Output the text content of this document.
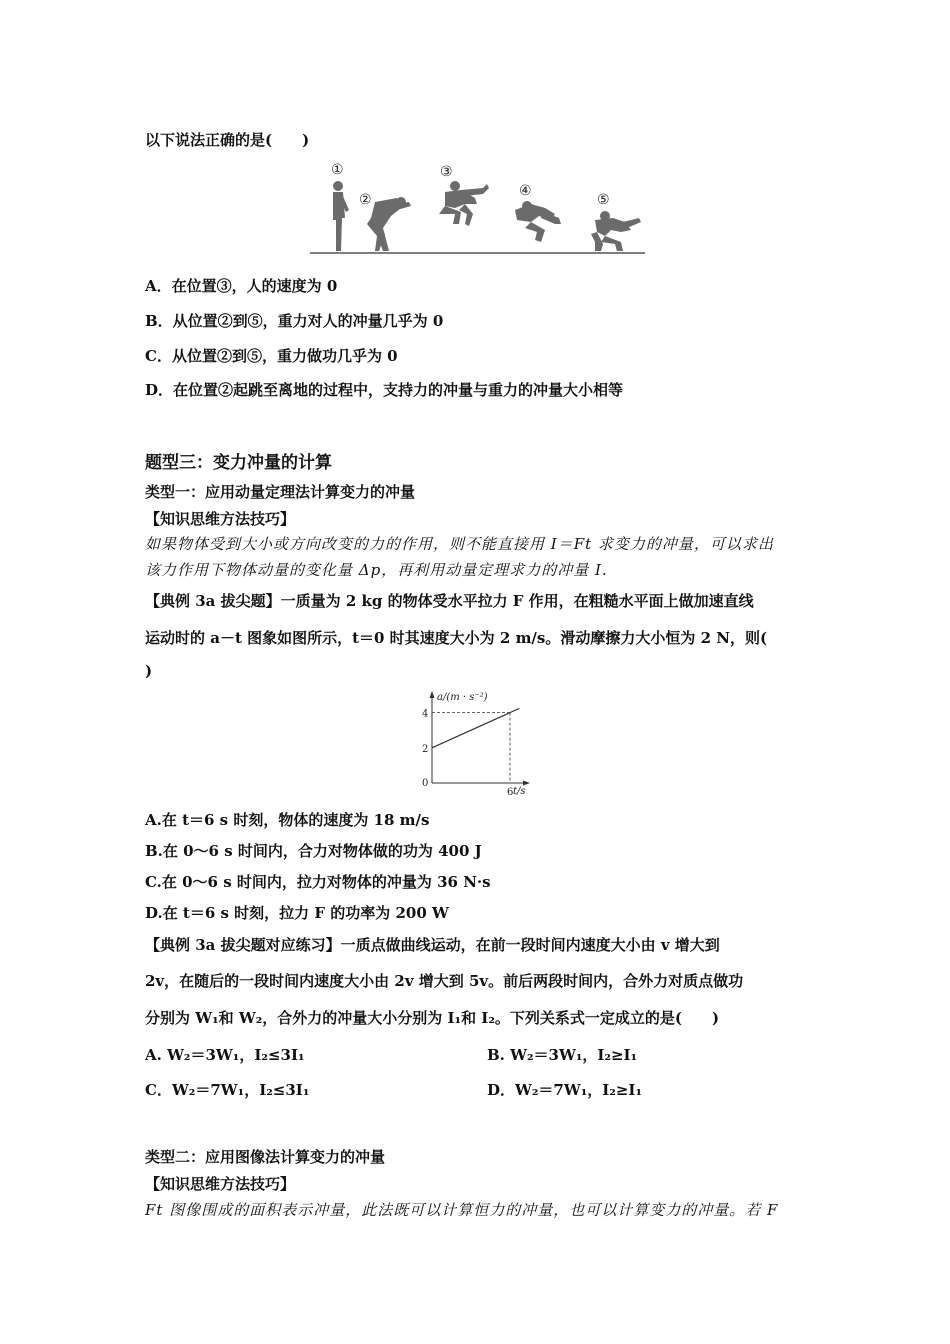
以下说法正确的是(　　)
①
②
③
④
⑤
A．在位置③，人的速度为 0
B．从位置②到⑤，重力对人的冲量几乎为 0
C．从位置②到⑤，重力做功几乎为 0
D．在位置②起跳至离地的过程中，支持力的冲量与重力的冲量大小相等
题型三：变力冲量的计算
类型一：应用动量定理法计算变力的冲量
【知识思维方法技巧】
如果物体受到大小或方向改变的力的作用，则不能直接用 I＝Ft 求变力的冲量，可以求出
该力作用下物体动量的变化量 Δp，再利用动量定理求力的冲量 I.
【典例 3a 拔尖题】一质量为 2 kg 的物体受水平拉力 F 作用，在粗糙水平面上做加速直线
运动时的 a－t 图象如图所示，t＝0 时其速度大小为 2 m/s。滑动摩擦力大小恒为 2 N，则(
)
2
4
6
a/(m · s⁻²)
t/s
0
A.在 t＝6 s 时刻，物体的速度为 18 m/s
B.在 0～6 s 时间内，合力对物体做的功为 400 J
C.在 0～6 s 时间内，拉力对物体的冲量为 36 N·s
D.在 t＝6 s 时刻，拉力 F 的功率为 200 W
【典例 3a 拔尖题对应练习】一质点做曲线运动，在前一段时间内速度大小由 v 增大到
2v，在随后的一段时间内速度大小由 2v 增大到 5v。前后两段时间内，合外力对质点做功
分别为 W₁和 W₂，合外力的冲量大小分别为 I₁和 I₂。下列关系式一定成立的是(　　)
A. W₂＝3W₁，I₂≤3I₁	B. W₂＝3W₁，I₂≥I₁
C．W₂＝7W₁，I₂≤3I₁	D．W₂＝7W₁，I₂≥I₁
类型二：应用图像法计算变力的冲量
【知识思维方法技巧】
Ft 图像围成的面积表示冲量，此法既可以计算恒力的冲量，也可以计算变力的冲量。若 F
